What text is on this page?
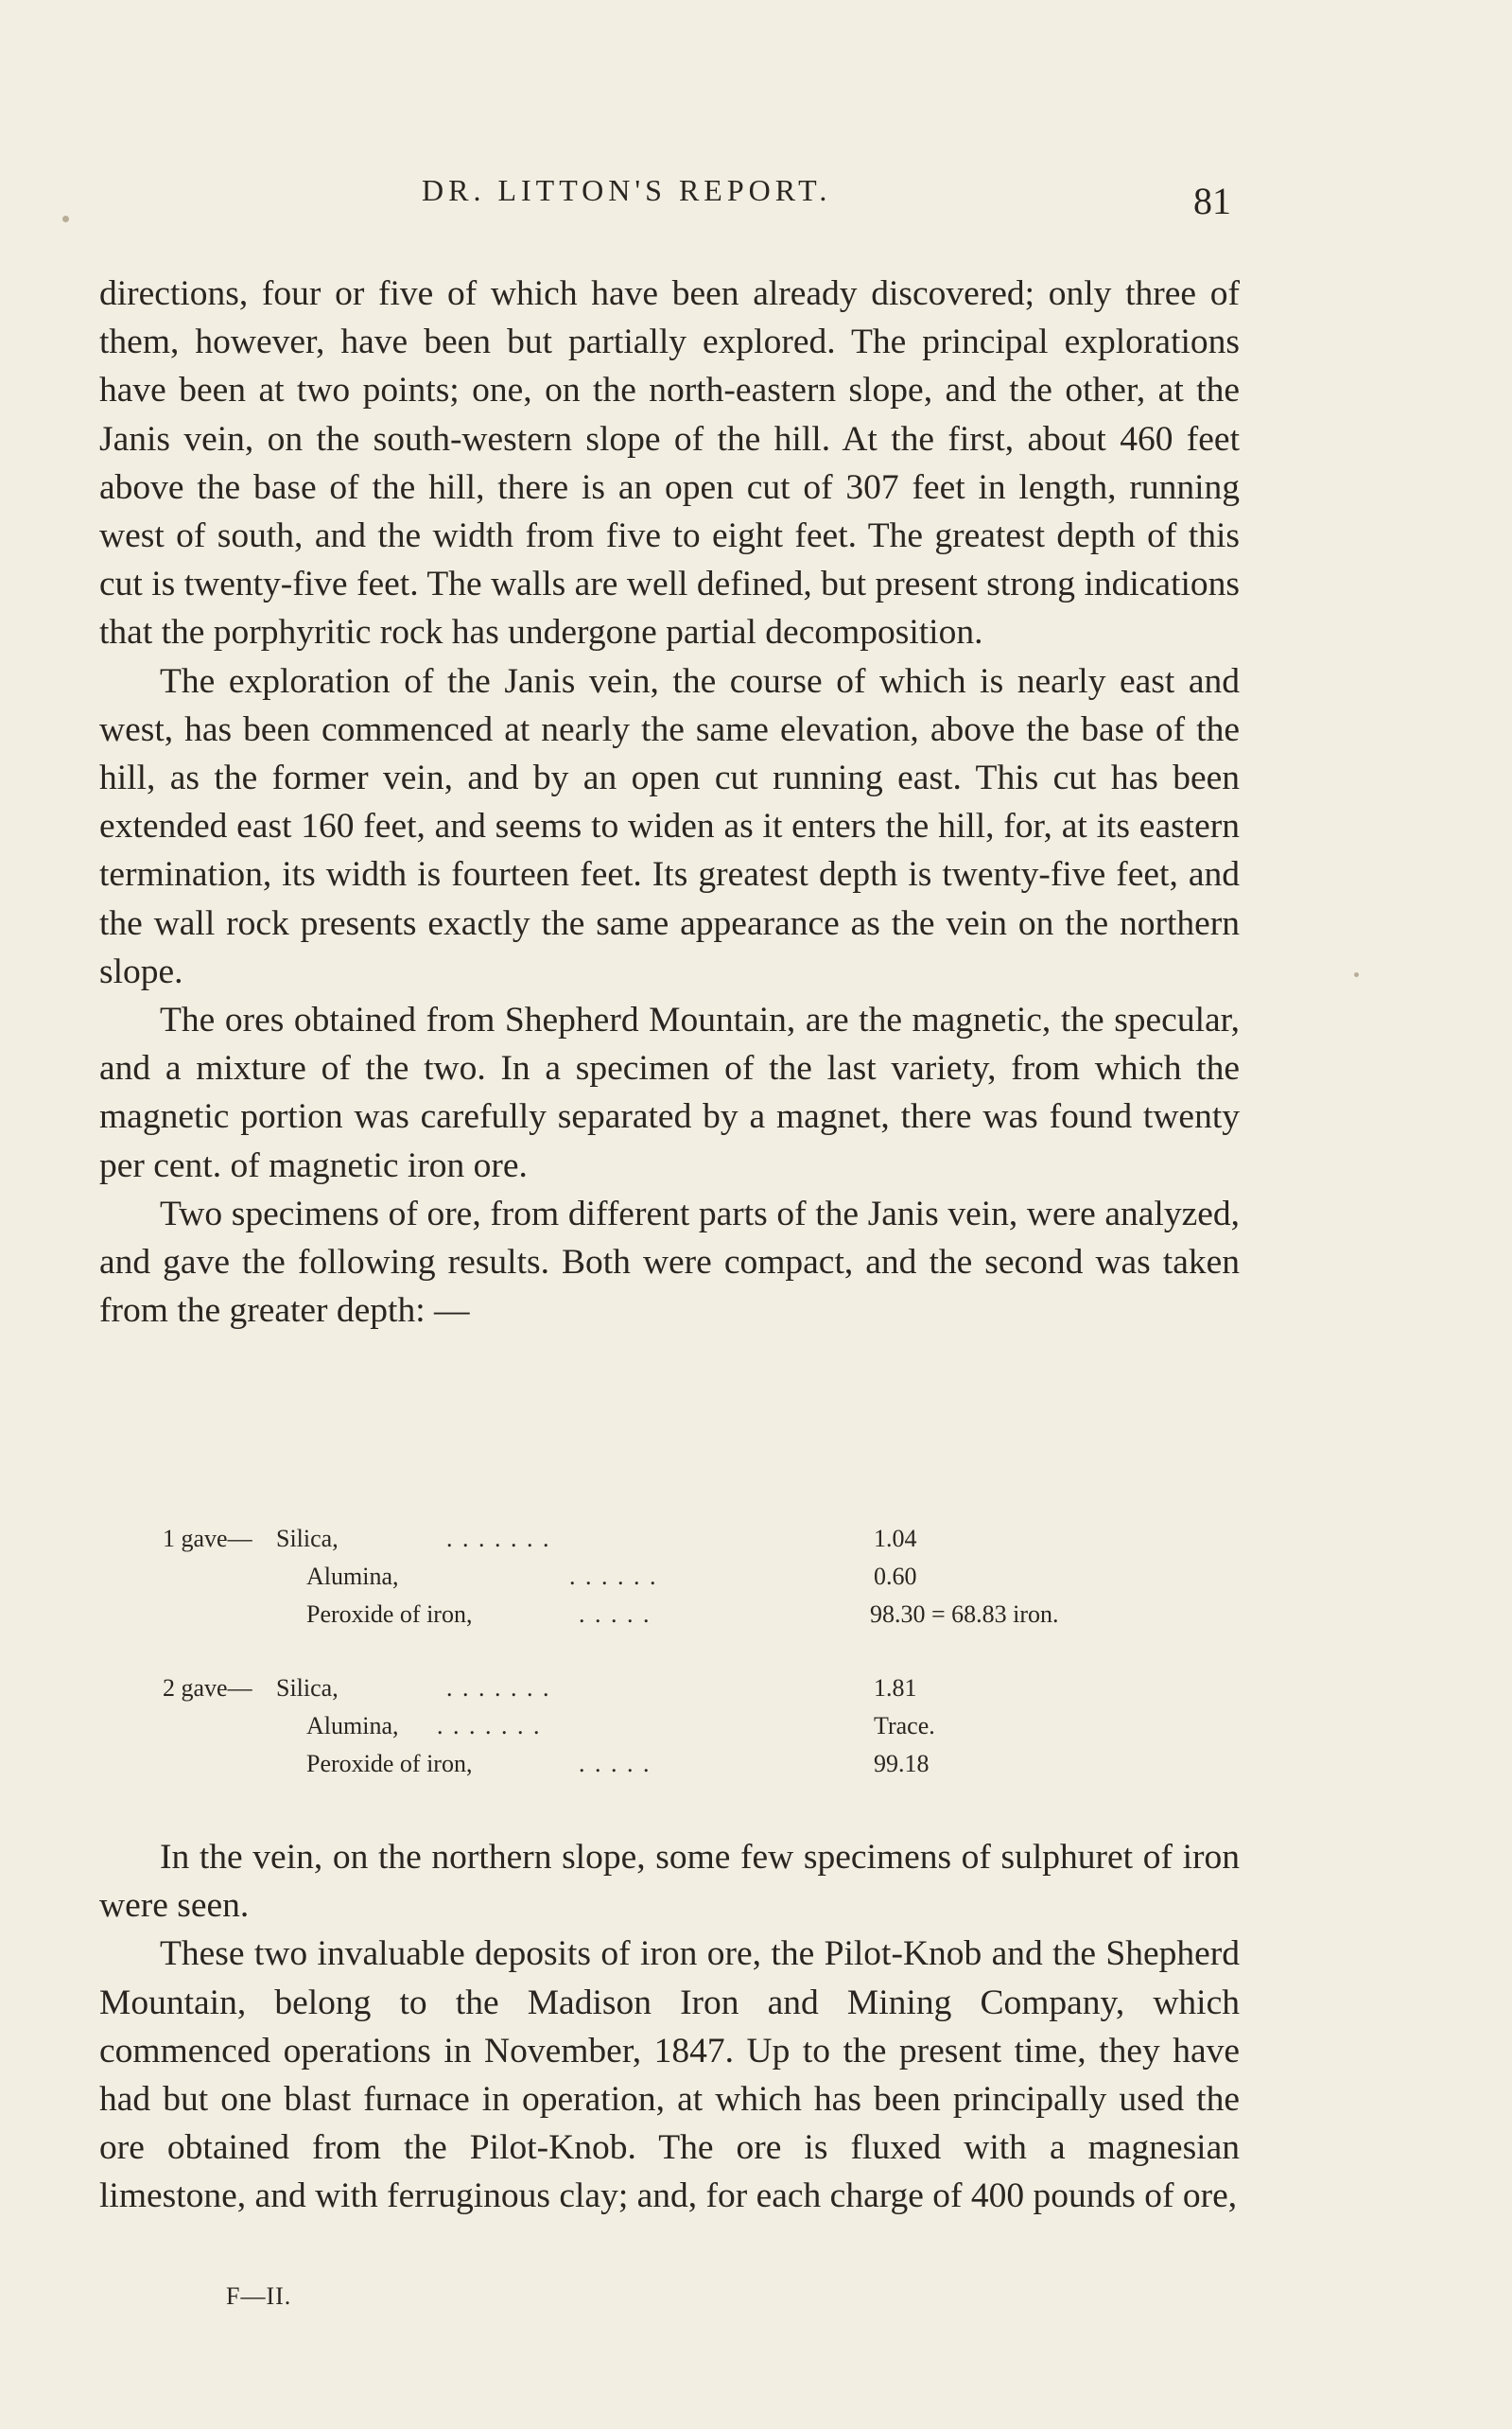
DR. LITTON'S REPORT.	81

directions, four or five of which have been already discovered; only three of them, however, have been but partially explored. The principal explorations have been at two points; one, on the north-eastern slope, and the other, at the Janis vein, on the south-western slope of the hill. At the first, about 460 feet above the base of the hill, there is an open cut of 307 feet in length, running west of south, and the width from five to eight feet. The greatest depth of this cut is twenty-five feet. The walls are well defined, but present strong indications that the porphyritic rock has undergone partial decomposition.

The exploration of the Janis vein, the course of which is nearly east and west, has been commenced at nearly the same elevation, above the base of the hill, as the former vein, and by an open cut running east. This cut has been extended east 160 feet, and seems to widen as it enters the hill, for, at its eastern termination, its width is fourteen feet. Its greatest depth is twenty-five feet, and the wall rock presents exactly the same appearance as the vein on the northern slope.

The ores obtained from Shepherd Mountain, are the magnetic, the specular, and a mixture of the two. In a specimen of the last variety, from which the magnetic portion was carefully separated by a magnet, there was found twenty per cent. of magnetic iron ore.

Two specimens of ore, from different parts of the Janis vein, were analyzed, and gave the following results. Both were compact, and the second was taken from the greater depth: —

1 gave— Silica,	. . . . . . .	1.04
Alumina,	. . . . . .	0.60
Peroxide of iron,	. . . . .	98.30 = 68.83 iron.
2 gave— Silica,	. . . . . . .	1.81
Alumina, . . . . . . .	Trace.
Peroxide of iron,	. . . . .	99.18

In the vein, on the northern slope, some few specimens of sulphuret of iron were seen.

These two invaluable deposits of iron ore, the Pilot-Knob and the Shepherd Mountain, belong to the Madison Iron and Mining Company, which commenced operations in November, 1847. Up to the present time, they have had but one blast furnace in operation, at which has been principally used the ore obtained from the Pilot-Knob. The ore is fluxed with a magnesian limestone, and with ferruginous clay; and, for each charge of 400 pounds of ore,

F—II.
